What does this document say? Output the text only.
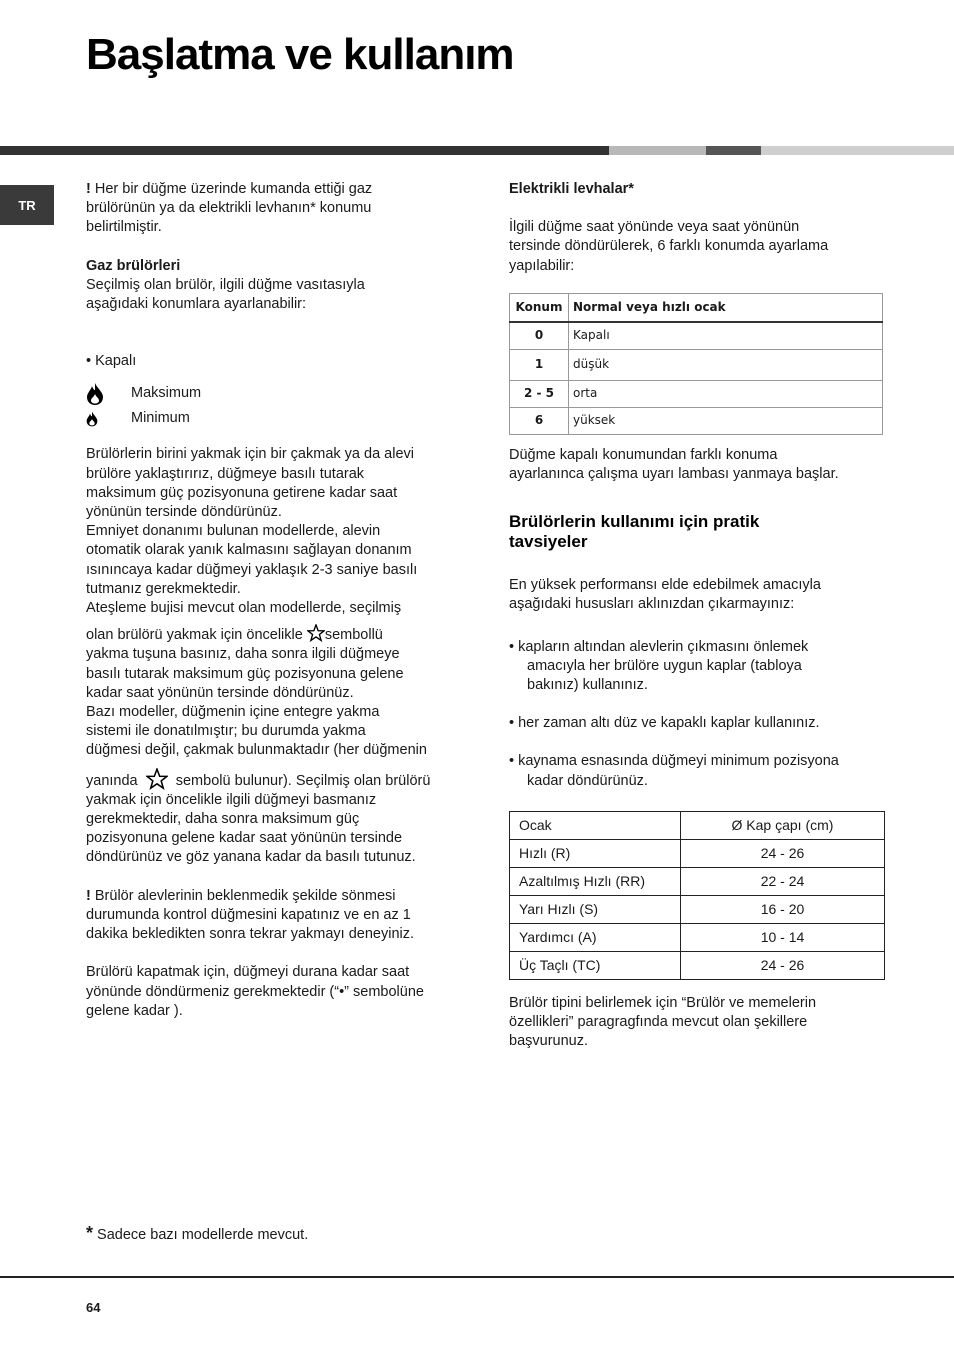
Başlatma ve kullanım
TR

! Her bir düğme üzerinde kumanda ettiği gaz

brülörünün ya da elektrikli levhanın* konumu

belirtilmiştir.

Gaz brülörleri

Seçilmiş olan brülör, ilgili düğme vasıtasıyla

aşağıdaki konumlara ayarlanabilir:

• Kapalı

Maksimum
Minimum

Brülörlerin birini yakmak için bir çakmak ya da alevi

brülöre yaklaştırırız, düğmeye basılı tutarak

maksimum güç pozisyonuna getirene kadar saat

yönünün tersinde döndürünüz.

Emniyet donanımı bulunan modellerde, alevin

otomatik olarak yanık kalmasını sağlayan donanım

ısınıncaya kadar düğmeyi yaklaşık 2-3 saniye basılı

tutmanız gerekmektedir.

Ateşleme bujisi mevcut olan modellerde, seçilmiş

olan brülörü yakmak için öncelikle sembollü

yakma tuşuna basınız, daha sonra ilgili düğmeye

basılı tutarak maksimum güç pozisyonuna gelene

kadar saat yönünün tersinde döndürünüz.

Bazı modeller, düğmenin içine entegre yakma

sistemi ile donatılmıştır; bu durumda yakma

düğmesi değil, çakmak bulunmaktadır (her düğmenin

yanında	sembolü bulunur). Seçilmiş olan brülörü

yakmak için öncelikle ilgili düğmeyi basmanız

gerekmektedir, daha sonra maksimum güç

pozisyonuna gelene kadar saat yönünün tersinde

döndürünüz ve göz yanana kadar da basılı tutunuz.

! Brülör alevlerinin beklenmedik şekilde sönmesi

durumunda kontrol düğmesini kapatınız ve en az 1

dakika bekledikten sonra tekrar yakmayı deneyiniz.

Brülörü kapatmak için, düğmeyi durana kadar saat

yönünde döndürmeniz gerekmektedir (“•” sembolüne

gelene kadar ).

Elektrikli levhalar*

İlgili düğme saat yönünde veya saat yönünün

tersinde döndürülerek, 6 farklı konumda ayarlama

yapılabilir:

Konum	Normal veya hızlı ocak
0	Kapalı
1	düşük
2 - 5	orta
6	yüksek

Düğme kapalı konumundan farklı konuma

ayarlanınca çalışma uyarı lambası yanmaya başlar.

Brülörlerin kullanımı için pratik

tavsiyeler

En yüksek performansı elde edebilmek amacıyla

aşağıdaki hususları aklınızdan çıkarmayınız:

• kapların altından alevlerin çıkmasını önlemek

amacıyla her brülöre uygun kaplar (tabloya

bakınız) kullanınız.

• her zaman altı düz ve kapaklı kaplar kullanınız.

• kaynama esnasında düğmeyi minimum pozisyona

kadar döndürünüz.

Ocak	Ø Kap çapı (cm)
Hızlı (R)	24 - 26
Azaltılmış Hızlı (RR)	22 - 24
Yarı Hızlı (S)	16 - 20
Yardımcı (A)	10 - 14
Üç Taçlı (TC)	24 - 26

Brülör tipini belirlemek için “Brülör ve memelerin

özellikleri” paragragfında mevcut olan şekillere

başvurunuz.

* Sadece bazı modellerde mevcut.
64
